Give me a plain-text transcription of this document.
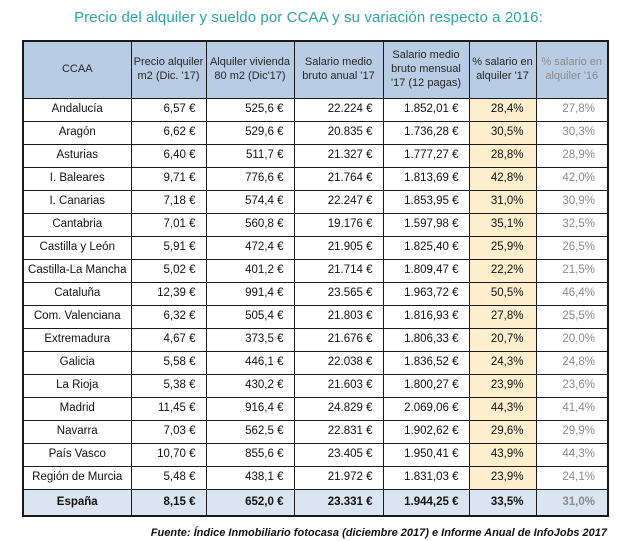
Precio del alquiler y sueldo por CCAA y su variación respecto a 2016:
CCAA	Precio alquiler m2 (Dic. '17)	Alquiler vivienda 80 m2 (Dic'17)	Salario medio bruto anual '17	Salario medio bruto mensual '17 (12 pagas)	% salario en alquiler '17	% salario en alquiler '16
Andalucía	6,57 €	525,6 €	22.224 €	1.852,01 €	28,4%	27,8%
Aragón	6,62 €	529,6 €	20.835 €	1.736,28 €	30,5%	30,3%
Asturias	6,40 €	511,7 €	21.327 €	1.777,27 €	28,8%	28,9%
I. Baleares	9,71 €	776,6 €	21.764 €	1.813,69 €	42,8%	42,0%
I. Canarias	7,18 €	574,4 €	22.247 €	1.853,95 €	31,0%	30,9%
Cantabria	7,01 €	560,8 €	19.176 €	1.597,98 €	35,1%	32,5%
Castilla y León	5,91 €	472,4 €	21.905 €	1.825,40 €	25,9%	26,5%
Castilla-La Mancha	5,02 €	401,2 €	21.714 €	1.809,47 €	22,2%	21,5%
Cataluña	12,39 €	991,4 €	23.565 €	1.963,72 €	50,5%	46,4%
Com. Valenciana	6,32 €	505,4 €	21.803 €	1.816,93 €	27,8%	25,5%
Extremadura	4,67 €	373,5 €	21.676 €	1.806,33 €	20,7%	20,0%
Galicia	5,58 €	446,1 €	22.038 €	1.836,52 €	24,3%	24,8%
La Rioja	5,38 €	430,2 €	21.603 €	1.800,27 €	23,9%	23,6%
Madrid	11,45 €	916,4 €	24.829 €	2.069,06 €	44,3%	41,4%
Navarra	7,03 €	562,5 €	22.831 €	1.902,62 €	29,6%	29,9%
País Vasco	10,70 €	855,6 €	23.405 €	1.950,41 €	43,9%	44,3%
Región de Murcia	5,48 €	438,1 €	21.972 €	1.831,03 €	23,9%	24,1%
España	8,15 €	652,0 €	23.331 €	1.944,25 €	33,5%	31,0%

Fuente: Índice Inmobiliario fotocasa (diciembre 2017) e Informe Anual de InfoJobs 2017
